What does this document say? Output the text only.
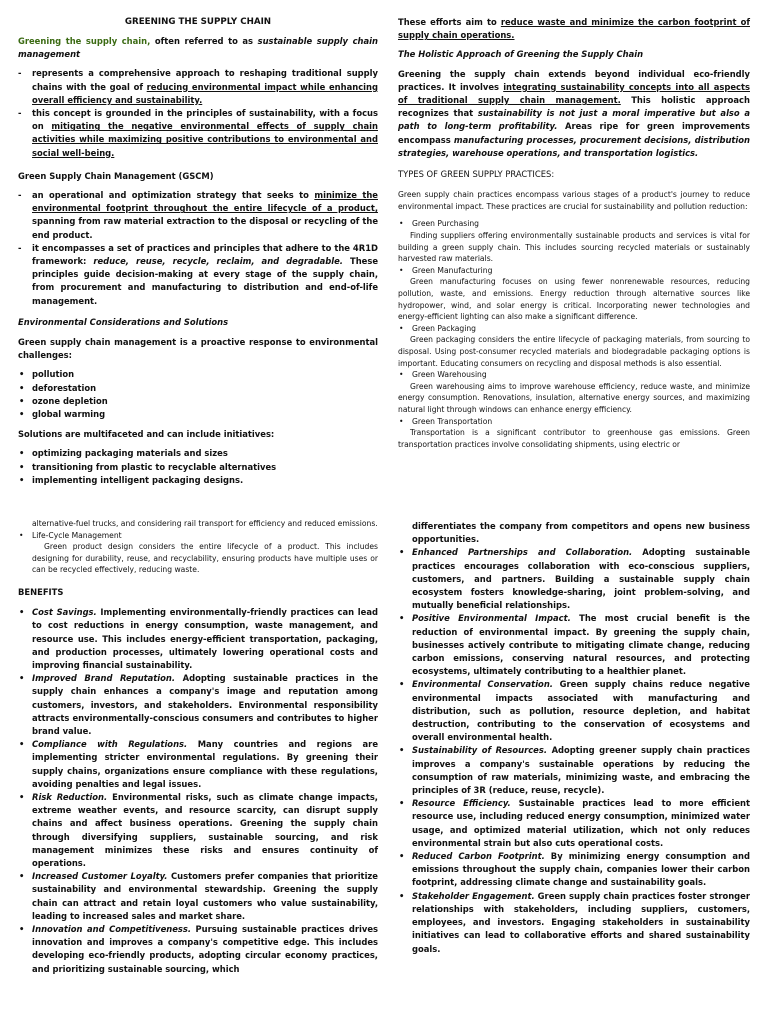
GREENING THE SUPPLY CHAIN

Greening the supply chain, often referred to as sustainable supply chain management

- represents a comprehensive approach to reshaping traditional supply chains with the goal of reducing environmental impact while enhancing overall efficiency and sustainability.
- this concept is grounded in the principles of sustainability, with a focus on mitigating the negative environmental effects of supply chain activities while maximizing positive contributions to environmental and social well-being.

Green Supply Chain Management (GSCM)

- an operational and optimization strategy that seeks to minimize the environmental footprint throughout the entire lifecycle of a product, spanning from raw material extraction to the disposal or recycling of the end product.
- it encompasses a set of practices and principles that adhere to the 4R1D framework: reduce, reuse, recycle, reclaim, and degradable. These principles guide decision-making at every stage of the supply chain, from procurement and manufacturing to distribution and end-of-life management.

Environmental Considerations and Solutions

Green supply chain management is a proactive response to environmental challenges:

• pollution
• deforestation
• ozone depletion
• global warming

Solutions are multifaceted and can include initiatives:

• optimizing packaging materials and sizes
• transitioning from plastic to recyclable alternatives
• implementing intelligent packaging designs.

These efforts aim to reduce waste and minimize the carbon footprint of supply chain operations.

The Holistic Approach of Greening the Supply Chain

Greening the supply chain extends beyond individual eco-friendly practices. It involves integrating sustainability concepts into all aspects of traditional supply chain management. This holistic approach recognizes that sustainability is not just a moral imperative but also a path to long-term profitability. Areas ripe for green improvements encompass manufacturing processes, procurement decisions, distribution strategies, warehouse operations, and transportation logistics.

TYPES OF GREEN SUPPLY PRACTICES:

Green supply chain practices encompass various stages of a product's journey to reduce environmental impact. These practices are crucial for sustainability and pollution reduction:

• Green Purchasing
Finding suppliers offering environmentally sustainable products and services is vital for building a green supply chain. This includes sourcing recycled materials or sustainably harvested raw materials.
• Green Manufacturing
Green manufacturing focuses on using fewer nonrenewable resources, reducing pollution, waste, and emissions. Energy reduction through alternative sources like hydropower, wind, and solar energy is critical. Incorporating newer technologies and energy-efficient lighting can also make a significant difference.
• Green Packaging
Green packaging considers the entire lifecycle of packaging materials, from sourcing to disposal. Using post-consumer recycled materials and biodegradable packaging options is important. Educating consumers on recycling and disposal methods is also essential.
• Green Warehousing
Green warehousing aims to improve warehouse efficiency, reduce waste, and minimize energy consumption. Renovations, insulation, alternative energy sources, and maximizing natural light through windows can enhance energy efficiency.
• Green Transportation
Transportation is a significant contributor to greenhouse gas emissions. Green transportation practices involve consolidating shipments, using electric or

alternative-fuel trucks, and considering rail transport for efficiency and reduced emissions.

• Life-Cycle Management
Green product design considers the entire lifecycle of a product. This includes designing for durability, reuse, and recyclability, ensuring products have multiple uses or can be recycled effectively, reducing waste.

BENEFITS

• Cost Savings. Implementing environmentally-friendly practices can lead to cost reductions in energy consumption, waste management, and resource use. This includes energy-efficient transportation, packaging, and production processes, ultimately lowering operational costs and improving financial sustainability.
• Improved Brand Reputation. Adopting sustainable practices in the supply chain enhances a company's image and reputation among customers, investors, and stakeholders. Environmental responsibility attracts environmentally-conscious consumers and contributes to higher brand value.
• Compliance with Regulations. Many countries and regions are implementing stricter environmental regulations. By greening their supply chains, organizations ensure compliance with these regulations, avoiding penalties and legal issues.
• Risk Reduction. Environmental risks, such as climate change impacts, extreme weather events, and resource scarcity, can disrupt supply chains and affect business operations. Greening the supply chain through diversifying suppliers, sustainable sourcing, and risk management minimizes these risks and ensures continuity of operations.
• Increased Customer Loyalty. Customers prefer companies that prioritize sustainability and environmental stewardship. Greening the supply chain can attract and retain loyal customers who value sustainability, leading to increased sales and market share.
• Innovation and Competitiveness. Pursuing sustainable practices drives innovation and improves a company's competitive edge. This includes developing eco-friendly products, adopting circular economy practices, and prioritizing sustainable sourcing, which

differentiates the company from competitors and opens new business opportunities.

• Enhanced Partnerships and Collaboration. Adopting sustainable practices encourages collaboration with eco-conscious suppliers, customers, and partners. Building a sustainable supply chain ecosystem fosters knowledge-sharing, joint problem-solving, and mutually beneficial relationships.
• Positive Environmental Impact. The most crucial benefit is the reduction of environmental impact. By greening the supply chain, businesses actively contribute to mitigating climate change, reducing carbon emissions, conserving natural resources, and protecting ecosystems, ultimately contributing to a healthier planet.
• Environmental Conservation. Green supply chains reduce negative environmental impacts associated with manufacturing and distribution, such as pollution, resource depletion, and habitat destruction, contributing to the conservation of ecosystems and overall environmental health.
• Sustainability of Resources. Adopting greener supply chain practices improves a company's sustainable operations by reducing the consumption of raw materials, minimizing waste, and embracing the principles of 3R (reduce, reuse, recycle).
• Resource Efficiency. Sustainable practices lead to more efficient resource use, including reduced energy consumption, minimized water usage, and optimized material utilization, which not only reduces environmental strain but also cuts operational costs.
• Reduced Carbon Footprint. By minimizing energy consumption and emissions throughout the supply chain, companies lower their carbon footprint, addressing climate change and sustainability goals.
• Stakeholder Engagement. Green supply chain practices foster stronger relationships with stakeholders, including suppliers, customers, employees, and investors. Engaging stakeholders in sustainability initiatives can lead to collaborative efforts and shared sustainability goals.
